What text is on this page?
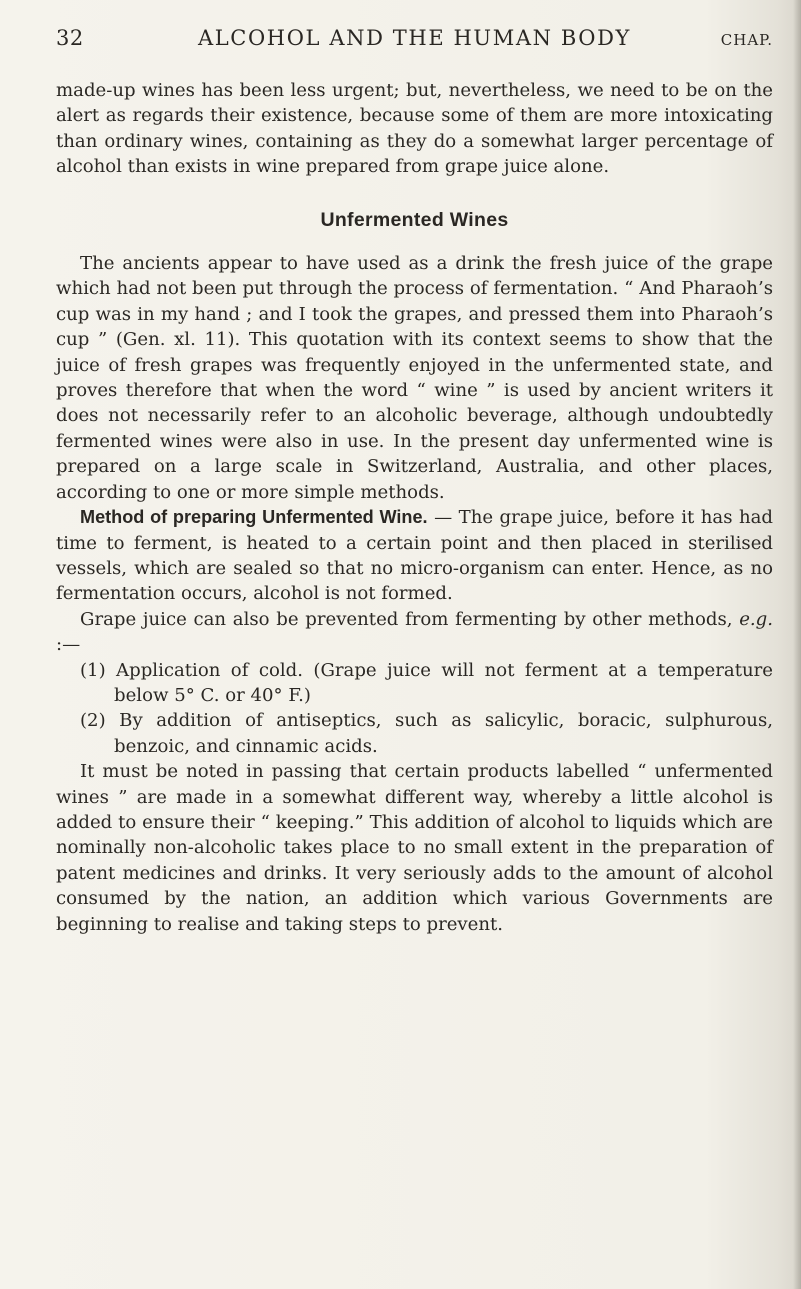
32	ALCOHOL AND THE HUMAN BODY	CHAP.

made-up wines has been less urgent; but, nevertheless, we need to be on the alert as regards their existence, because some of them are more intoxicating than ordinary wines, containing as they do a somewhat larger percentage of alcohol than exists in wine prepared from grape juice alone.

Unfermented Wines

The ancients appear to have used as a drink the fresh juice of the grape which had not been put through the process of fermentation. “ And Pharaoh’s cup was in my hand ; and I took the grapes, and pressed them into Pharaoh’s cup ” (Gen. xl. 11). This quotation with its context seems to show that the juice of fresh grapes was frequently enjoyed in the unfermented state, and proves therefore that when the word “ wine ” is used by ancient writers it does not necessarily refer to an alcoholic beverage, although undoubtedly fermented wines were also in use. In the present day unfermented wine is prepared on a large scale in Switzerland, Australia, and other places, according to one or more simple methods.

Method of preparing Unfermented Wine. — The grape juice, before it has had time to ferment, is heated to a certain point and then placed in sterilised vessels, which are sealed so that no micro-organism can enter. Hence, as no fermentation occurs, alcohol is not formed.

Grape juice can also be prevented from fermenting by other methods, e.g. :—

(1) Application of cold. (Grape juice will not ferment at a temperature below 5° C. or 40° F.)

(2) By addition of antiseptics, such as salicylic, boracic, sulphurous, benzoic, and cinnamic acids.

It must be noted in passing that certain products labelled “ unfermented wines ” are made in a somewhat different way, whereby a little alcohol is added to ensure their “ keeping.” This addition of alcohol to liquids which are nominally non-alcoholic takes place to no small extent in the preparation of patent medicines and drinks. It very seriously adds to the amount of alcohol consumed by the nation, an addition which various Governments are beginning to realise and taking steps to prevent.
